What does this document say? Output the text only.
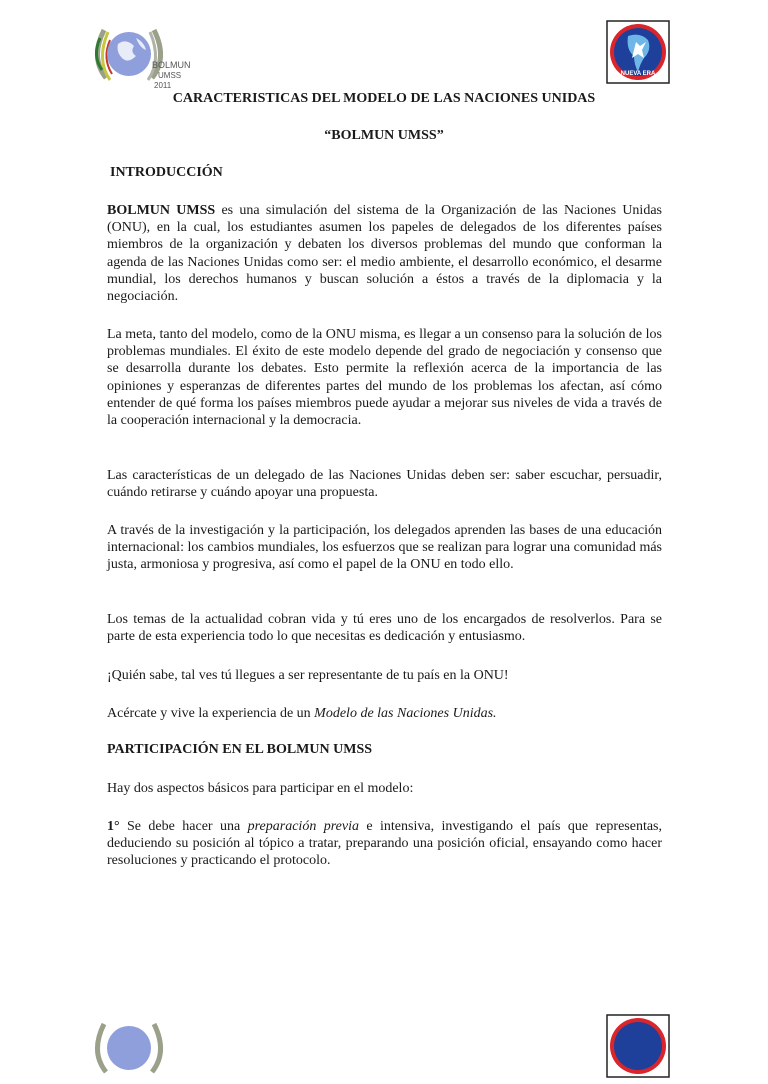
BOLMUN
UMSS
2011
NUEVA ERA
CARACTERISTICAS DEL MODELO DE LAS NACIONES UNIDAS
“BOLMUN UMSS”
INTRODUCCIÓN

BOLMUN UMSS es una simulación del sistema de la Organización de las Naciones Unidas (ONU), en la cual, los estudiantes asumen los papeles de delegados de los diferentes países miembros de la organización y debaten los diversos problemas del mundo que conforman la agenda de las Naciones Unidas como ser: el medio ambiente, el desarrollo económico, el desarme mundial, los derechos humanos y buscan solución a éstos a través de la diplomacia y la negociación.

La meta, tanto del modelo, como de la ONU misma, es llegar a un consenso para la solución de los problemas mundiales. El éxito de este modelo depende del grado de negociación y consenso que se desarrolla durante los debates. Esto permite la reflexión acerca de la importancia de las opiniones y esperanzas de diferentes partes del mundo de los problemas los afectan, así cómo entender de qué forma los países miembros puede ayudar a mejorar sus niveles de vida a través de la cooperación internacional y la democracia.

Las características de un delegado de las Naciones Unidas deben ser: saber escuchar, persuadir, cuándo retirarse y cuándo apoyar una propuesta.

A través de la investigación y la participación, los delegados aprenden las bases de una educación internacional: los cambios mundiales, los esfuerzos que se realizan para lograr una comunidad más justa, armoniosa y progresiva, así como el papel de la ONU en todo ello.

Los temas de la actualidad cobran vida y tú eres uno de los encargados de resolverlos. Para se parte de esta experiencia todo lo que necesitas es dedicación y entusiasmo.

¡Quién sabe, tal ves tú llegues a ser representante de tu país en la ONU!

Acércate y vive la experiencia de un Modelo de las Naciones Unidas.

PARTICIPACIÓN EN EL BOLMUN UMSS

Hay dos aspectos básicos para participar en el modelo:

1° Se debe hacer una preparación previa e intensiva, investigando el país que representas, deduciendo su posición al tópico a tratar, preparando una posición oficial, ensayando como hacer resoluciones y practicando el protocolo.
